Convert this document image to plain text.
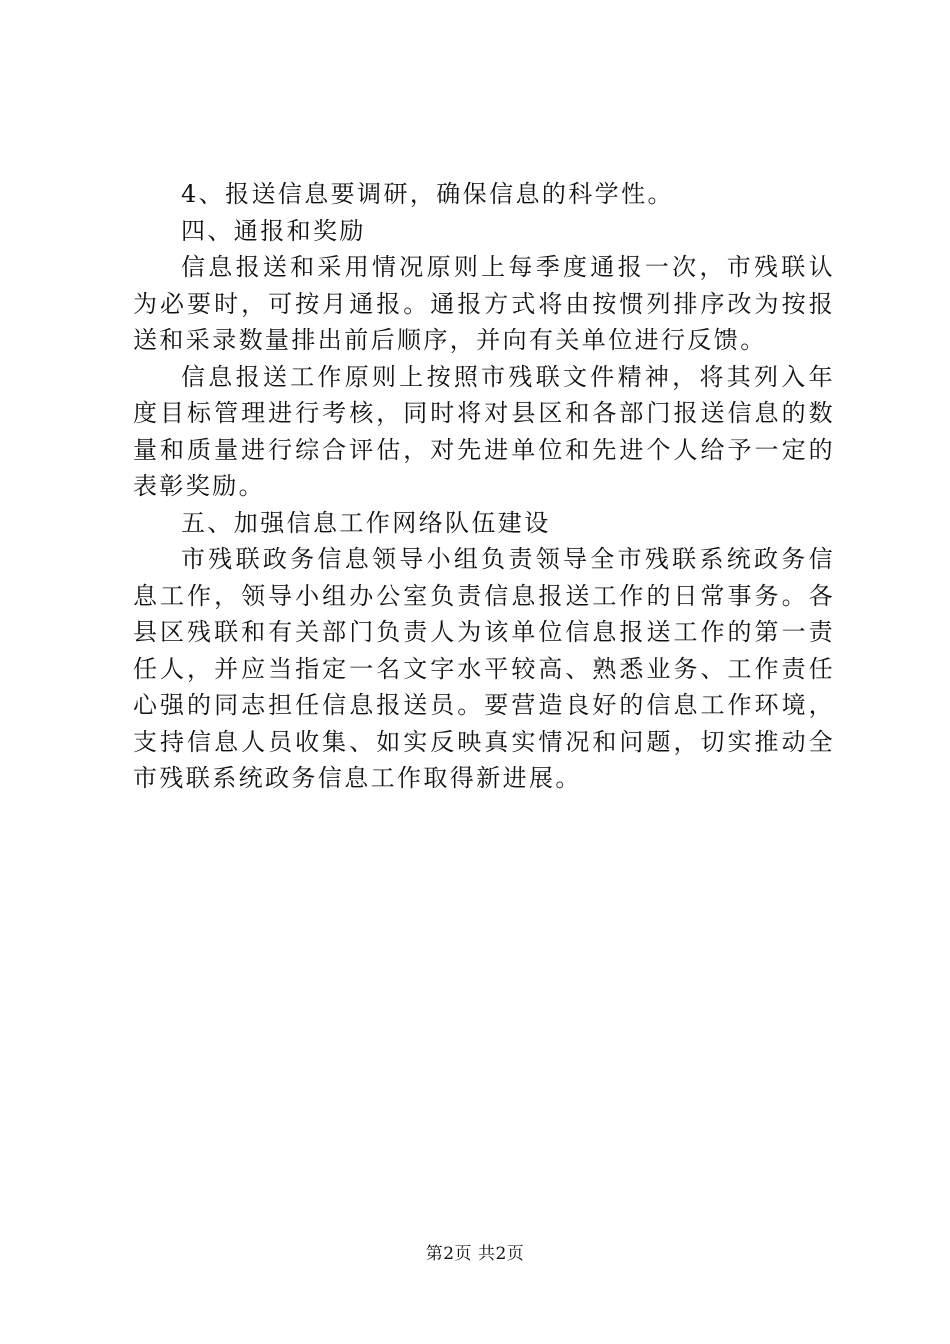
4、报送信息要调研，确保信息的科学性。

四、通报和奖励

信息报送和采用情况原则上每季度通报一次，市残联认为必要时，可按月通报。通报方式将由按惯列排序改为按报送和采录数量排出前后顺序，并向有关单位进行反馈。

信息报送工作原则上按照市残联文件精神，将其列入年度目标管理进行考核，同时将对县区和各部门报送信息的数量和质量进行综合评估，对先进单位和先进个人给予一定的表彰奖励。

五、加强信息工作网络队伍建设

市残联政务信息领导小组负责领导全市残联系统政务信息工作，领导小组办公室负责信息报送工作的日常事务。各县区残联和有关部门负责人为该单位信息报送工作的第一责任人，并应当指定一名文字水平较高、熟悉业务、工作责任心强的同志担任信息报送员。要营造良好的信息工作环境，支持信息人员收集、如实反映真实情况和问题，切实推动全市残联系统政务信息工作取得新进展。

第2页 共2页
